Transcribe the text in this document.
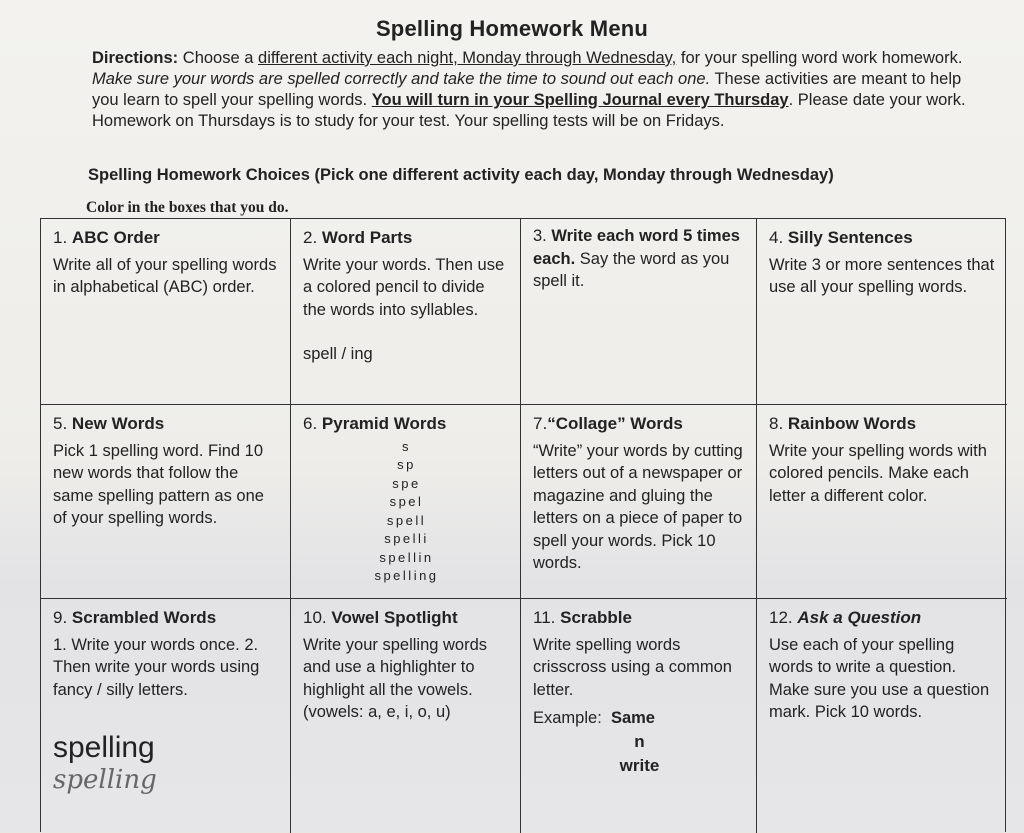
Spelling Homework Menu
Directions: Choose a different activity each night, Monday through Wednesday, for your spelling word work homework. Make sure your words are spelled correctly and take the time to sound out each one. These activities are meant to help you learn to spell your spelling words. You will turn in your Spelling Journal every Thursday. Please date your work. Homework on Thursdays is to study for your test. Your spelling tests will be on Fridays.
Spelling Homework Choices (Pick one different activity each day, Monday through Wednesday)
Color in the boxes that you do.
1. ABC Order
Write all of your spelling words in alphabetical (ABC) order.
2. Word Parts
Write your words. Then use a colored pencil to divide the words into syllables.
spell / ing
3. Write each word 5 times each. Say the word as you spell it.
4. Silly Sentences
Write 3 or more sentences that use all your spelling words.
5. New Words
Pick 1 spelling word. Find 10 new words that follow the same spelling pattern as one of your spelling words.
6. Pyramid Words
s
sp
spe
spel
spell
spelli
spellin
spelling
7.“Collage” Words
“Write” your words by cutting letters out of a newspaper or magazine and gluing the letters on a piece of paper to spell your words. Pick 10 words.
8. Rainbow Words
Write your spelling words with colored pencils. Make each letter a different color.
9. Scrambled Words
1. Write your words once. 2. Then write your words using fancy / silly letters.
spelling
spelling
10. Vowel Spotlight
Write your spelling words and use a highlighter to highlight all the vowels.
(vowels: a, e, i, o, u)
11. Scrabble
Write spelling words crisscross using a common letter.
Example: Same
n
write
12. Ask a Question
Use each of your spelling words to write a question. Make sure you use a question mark. Pick 10 words.
